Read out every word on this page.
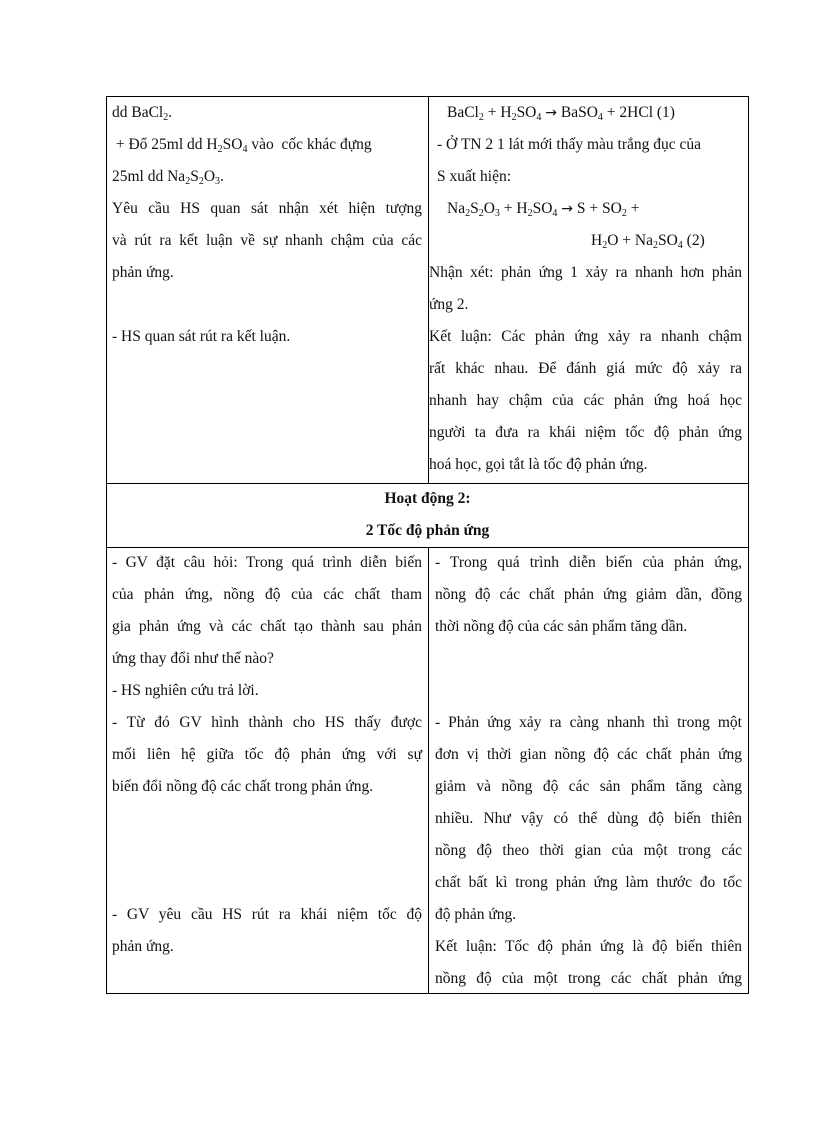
dd BaCl$_2$.
+ Đổ 25ml dd $H_2SO_4$ vào  cốc khác đựng
25ml dd $Na_2S_2O_3$.
Yêu cầu HS quan sát nhận xét hiện tượng
và rút ra kết luận về sự nhanh chậm của các
phản ứng.
- HS quan sát rút ra kết luận.
BaCl$_2$ + $H_2SO_4$ → BaSO$_4$ + 2HCl (1)
- Ở TN 2 1 lát mới thấy màu trắng đục của
S xuất hiện:
$Na_2S_2O_3 + H_2SO_4 \to S + SO_2$ +
$H_2O + Na_2SO_4$ (2)
Nhận xét: phản ứng 1 xảy ra nhanh hơn phản
ứng 2.
Kết luận: Các phản ứng xảy ra nhanh chậm
rất khác nhau. Để đánh giá mức độ xảy ra
nhanh hay chậm của các phản ứng hoá học
người ta đưa ra khái niệm tốc độ phản ứng
hoá học, gọi tắt là tốc độ phản ứng.
Hoạt động 2:
2 Tốc độ phản ứng
- GV đặt câu hỏi: Trong quá trình diễn biến
của phản ứng, nồng độ của các chất tham
gia phản ứng và các chất tạo thành sau phản
ứng thay đổi như thế nào?
- HS nghiên cứu trả lời.
- Từ đó GV hình thành cho HS thấy được
mối liên hệ giữa tốc độ phản ứng với sự
biến đổi nồng độ các chất trong phản ứng.
- GV yêu cầu HS rút ra khái niệm tốc độ
phản ứng.
- Trong quá trình diễn biến của phản ứng,
nồng độ các chất phản ứng giảm dần, đồng
thời nồng độ của các sản phẩm tăng dần.
- Phản ứng xảy ra càng nhanh thì trong một
đơn vị thời gian nồng độ các chất phản ứng
giảm và nồng độ các sản phẩm tăng càng
nhiều. Như vậy có thể dùng độ biến thiên
nồng độ theo thời gian của một trong các
chất bất kì trong phản ứng làm thước đo tốc
độ phản ứng.
Kết luận: Tốc độ phản ứng là độ biến thiên
nồng độ của một trong các chất phản ứng
